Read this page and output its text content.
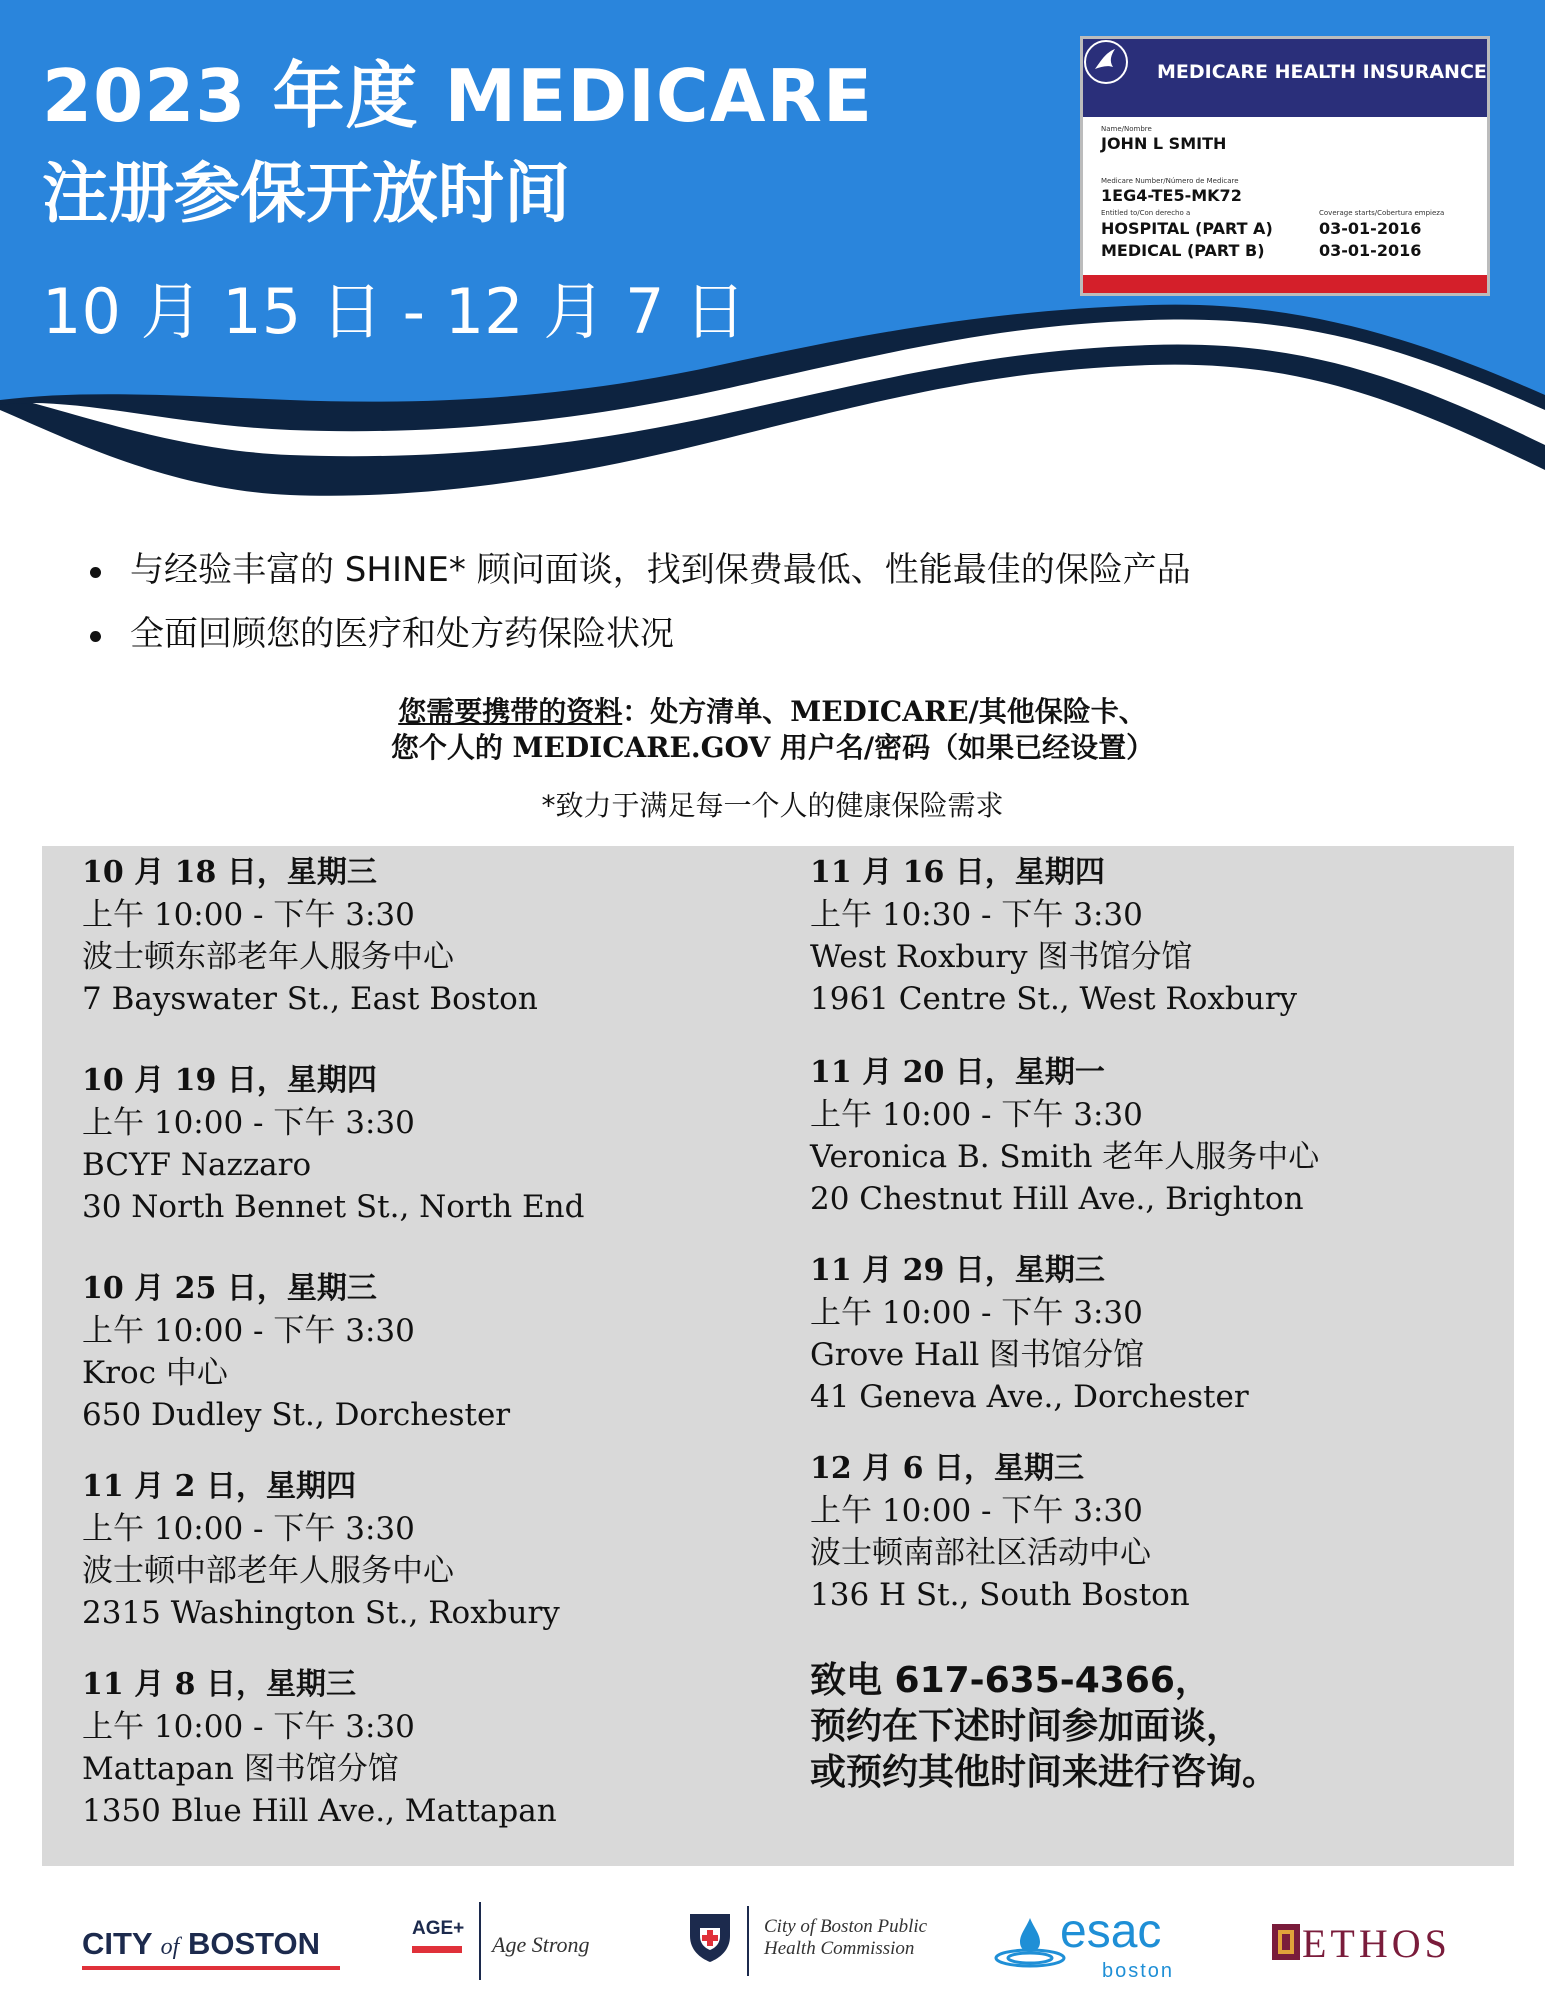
2023 年度 MEDICARE
注册参保开放时间
10 月 15 日 - 12 月 7 日
MEDICARE HEALTH INSURANCE
Name/Nombre
JOHN L SMITH
Medicare Number/Número de Medicare
1EG4-TE5-MK72
Entitled to/Con derecho a	Coverage starts/Cobertura empieza
HOSPITAL (PART A)	03-01-2016
MEDICAL (PART B)	03-01-2016
与经验丰富的 SHINE* 顾问面谈，找到保费最低、性能最佳的保险产品
全面回顾您的医疗和处方药保险状况
您需要携带的资料：处方清单、MEDICARE/其他保险卡、
您个人的 MEDICARE.GOV 用户名/密码（如果已经设置）
*致力于满足每一个人的健康保险需求
10 月 18 日，星期三
上午 10:00 - 下午 3:30
波士顿东部老年人服务中心
7 Bayswater St., East Boston
10 月 19 日，星期四
上午 10:00 - 下午 3:30
BCYF Nazzaro
30 North Bennet St., North End
10 月 25 日，星期三
上午 10:00 - 下午 3:30
Kroc 中心
650 Dudley St., Dorchester
11 月 2 日，星期四
上午 10:00 - 下午 3:30
波士顿中部老年人服务中心
2315 Washington St., Roxbury
11 月 8 日，星期三
上午 10:00 - 下午 3:30
Mattapan 图书馆分馆
1350 Blue Hill Ave., Mattapan
11 月 16 日，星期四
上午 10:30 - 下午 3:30
West Roxbury 图书馆分馆
1961 Centre St., West Roxbury
11 月 20 日，星期一
上午 10:00 - 下午 3:30
Veronica B. Smith 老年人服务中心
20 Chestnut Hill Ave., Brighton
11 月 29 日，星期三
上午 10:00 - 下午 3:30
Grove Hall 图书馆分馆
41 Geneva Ave., Dorchester
12 月 6 日，星期三
上午 10:00 - 下午 3:30
波士顿南部社区活动中心
136 H St., South Boston
致电 617-635-4366，
预约在下述时间参加面谈，
或预约其他时间来进行咨询。
CITY of BOSTON	AGE+
Age Strong
City of Boston Public
Health Commission	esac
boston
ETHOS
